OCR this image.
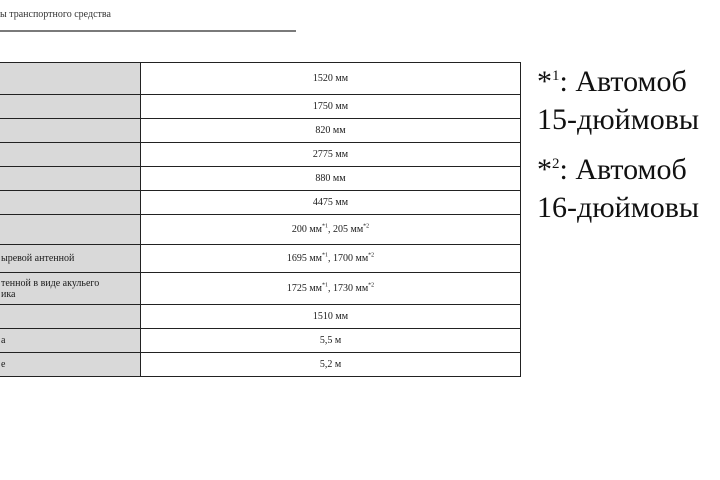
ы транспортного средства
	1520 мм
	1750 мм
	820 мм
	2775 мм
	880 мм
	4475 мм
	200 $мм^{*1}$, 205 $мм^{*2}$
ыревой антенной	1695 $мм^{*1}$, 1700 $мм^{*2}$
тенной в виде акульего
ика	1725 $мм^{*1}$, 1730 $мм^{*2}$
	1510 мм
а	5,5 м
е	5,2 м
*$^1$: Автомоб
15-дюймовы
*$^2$: Автомоб
16-дюймовы
